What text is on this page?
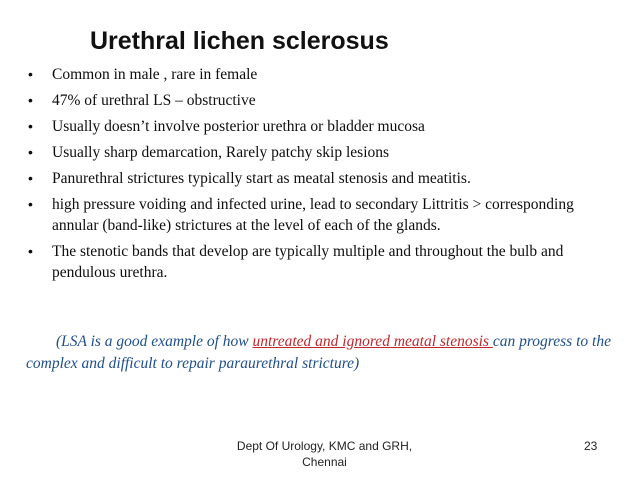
Urethral lichen sclerosus
•	Common in male , rare in female
•	47% of urethral LS – obstructive
•	Usually doesn’t involve posterior urethra or bladder mucosa
•	Usually sharp demarcation, Rarely patchy skip lesions
•	Panurethral strictures typically start as meatal stenosis and meatitis.
•	high pressure voiding and infected urine, lead to secondary Littritis > corresponding annular (band-like) strictures at the level of each of the glands.
•	The stenotic bands that develop are typically multiple and throughout the bulb and pendulous urethra.
(LSA is a good example of how untreated and ignored meatal stenosis can progress to the complex and difficult to repair paraurethral stricture)
Dept Of Urology, KMC and GRH,
Chennai
23
